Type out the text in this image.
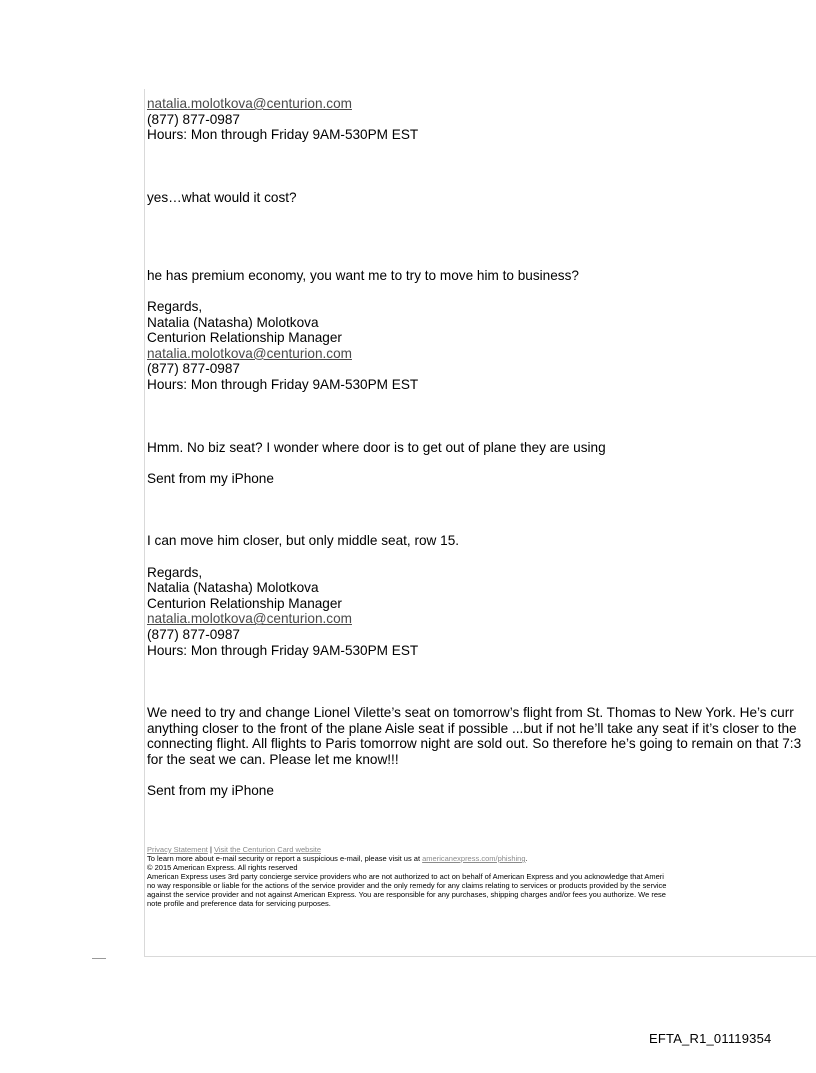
natalia.molotkova@centurion.com
(877) 877-0987
Hours: Mon through Friday 9AM-530PM EST
yes…what would it cost?
he has premium economy, you want me to try to move him to business?
Regards,
Natalia (Natasha) Molotkova
Centurion Relationship Manager
natalia.molotkova@centurion.com
(877) 877-0987
Hours: Mon through Friday 9AM-530PM EST
Hmm. No biz seat? I wonder where door is to get out of plane they are using
Sent from my iPhone
I can move him closer, but only middle seat, row 15.
Regards,
Natalia (Natasha) Molotkova
Centurion Relationship Manager
natalia.molotkova@centurion.com
(877) 877-0987
Hours: Mon through Friday 9AM-530PM EST
We need to try and change Lionel Vilette’s seat on tomorrow’s flight from St. Thomas to New York. He’s curr
anything closer to the front of the plane Aisle seat if possible ...but if not he’ll take any seat if it’s closer to the
connecting flight. All flights to Paris tomorrow night are sold out. So therefore he’s going to remain on that 7:3
for the seat we can. Please let me know!!!
Sent from my iPhone
Privacy Statement | Visit the Centurion Card website
To learn more about e-mail security or report a suspicious e-mail, please visit us at americanexpress.com/phishing.
© 2015 American Express. All rights reserved
American Express uses 3rd party concierge service providers who are not authorized to act on behalf of American Express and you acknowledge that Ameri
no way responsible or liable for the actions of the service provider and the only remedy for any claims relating to services or products provided by the service
against the service provider and not against American Express. You are responsible for any purchases, shipping charges and/or fees you authorize. We rese
note profile and preference data for servicing purposes.
EFTA_R1_01119354
